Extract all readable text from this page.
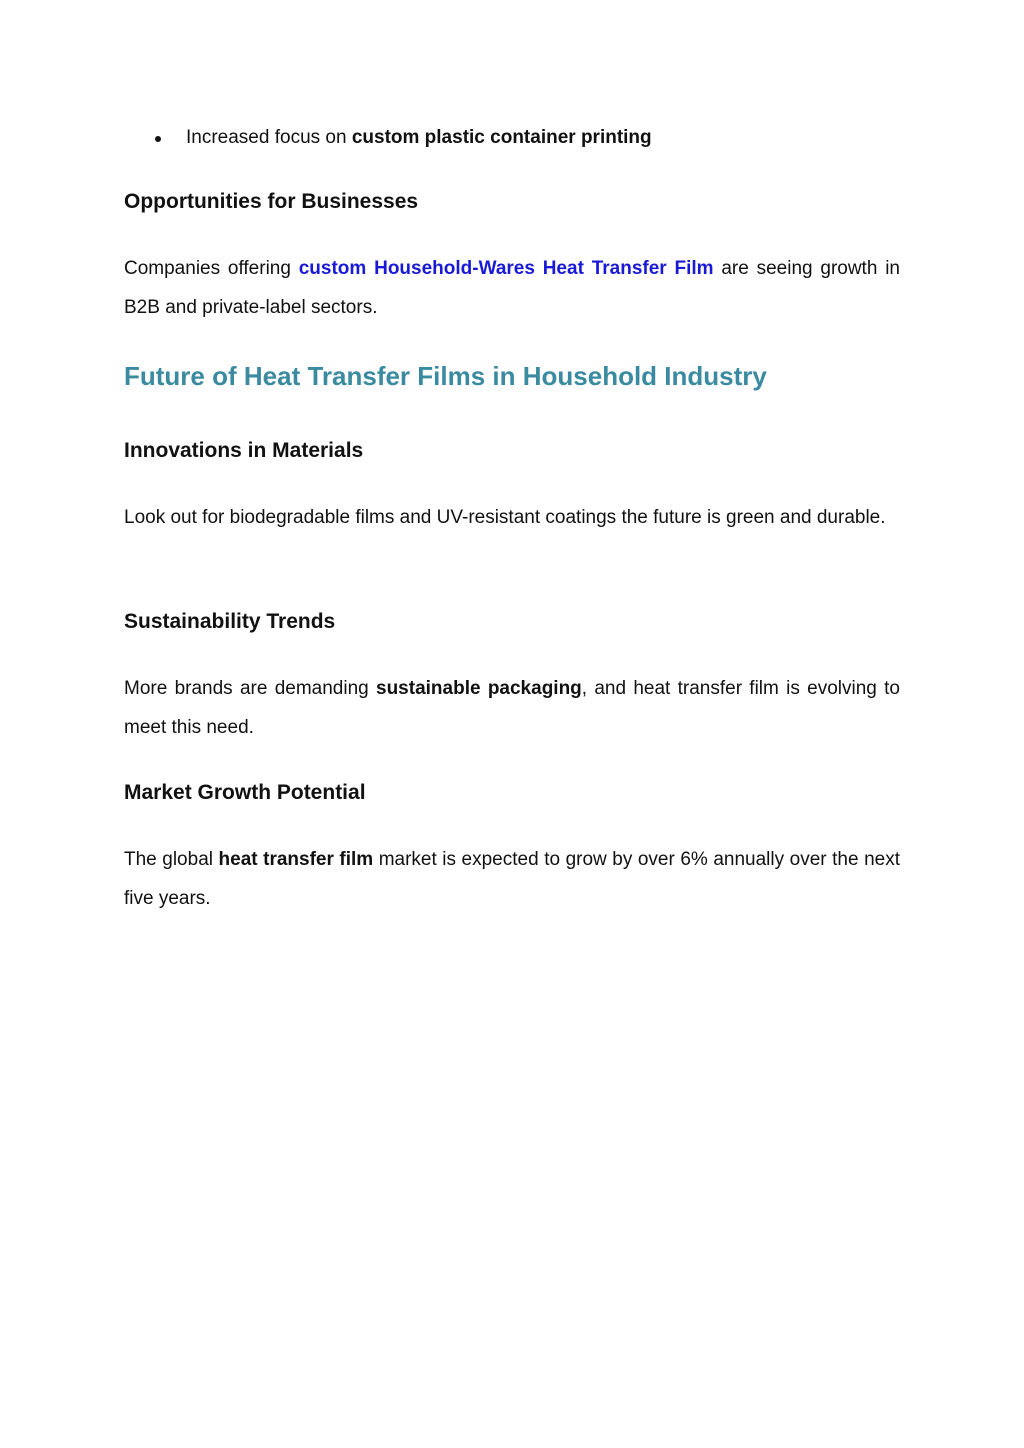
Increased focus on custom plastic container printing
Opportunities for Businesses

Companies offering custom Household-Wares Heat Transfer Film are seeing growth in B2B and private-label sectors.

Future of Heat Transfer Films in Household Industry
Innovations in Materials

Look out for biodegradable films and UV-resistant coatings the future is green and durable.

Sustainability Trends

More brands are demanding sustainable packaging, and heat transfer film is evolving to meet this need.

Market Growth Potential

The global heat transfer film market is expected to grow by over 6% annually over the next five years.
